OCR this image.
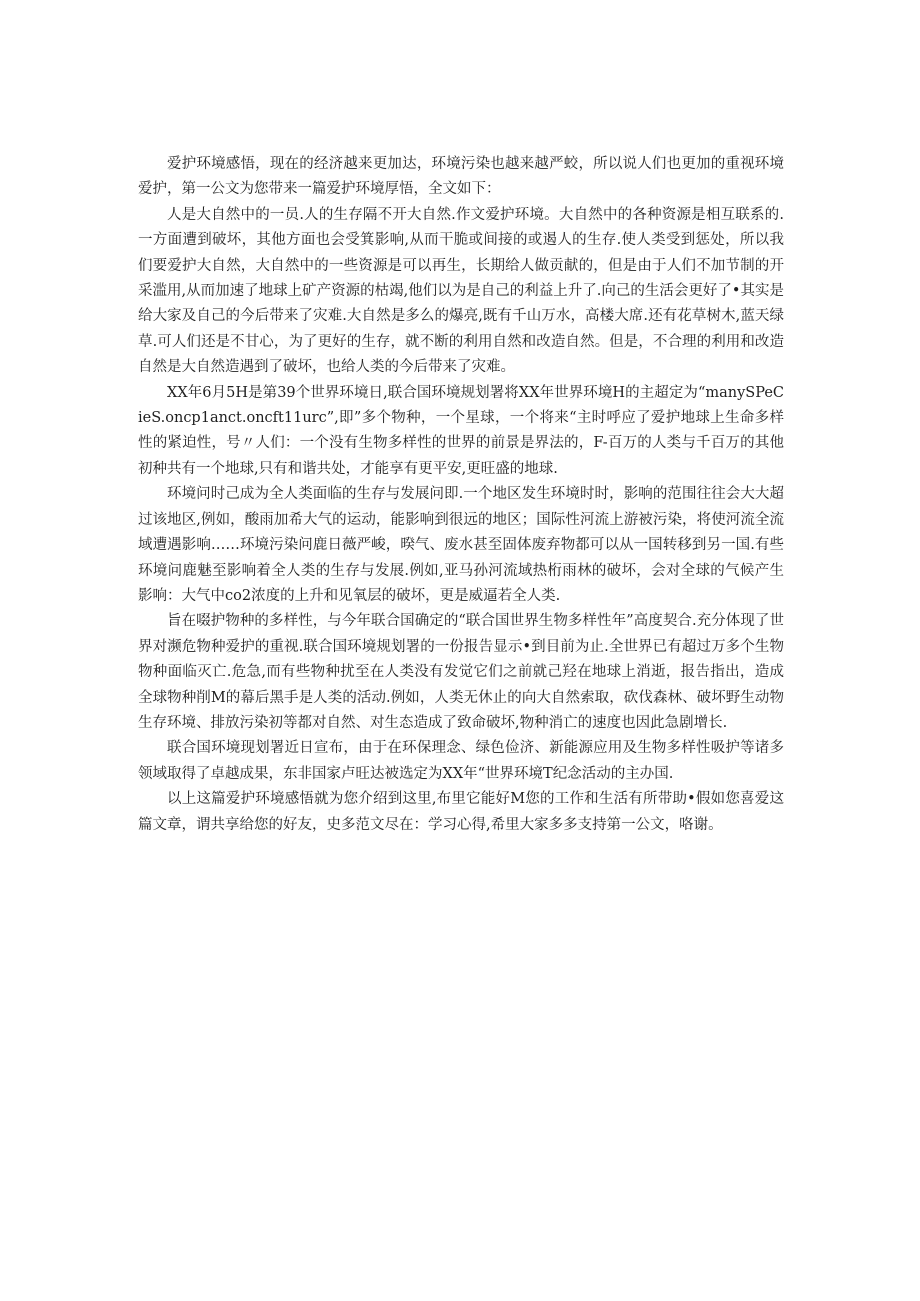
爱护环境感悟，现在的经济越来更加达，环境污染也越来越严蛟，所以说人们也更加的重视环境爱护，第一公文为您带来一篇爱护环境厚悟，全文如下：

人是大自然中的一员.人的生存隔不开大自然.作文爱护环境。大自然中的各种资源是相互联系的.一方面遭到破坏，其他方面也会受箕影响,从而干脆或间接的或遏人的生存.使人类受到惩处，所以我们要爱护大自然，大自然中的一些资源是可以再生，长期给人做贡献的，但是由于人们不加节制的开采滥用,从而加速了地球上矿产资源的枯竭,他们以为是自己的利益上升了.向己的生活会更好了•其实是给大家及自己的今后带来了灾难.大自然是多么的爆亮,既有千山万水，高楼大席.还有花草树木,蓝天绿草.可人们还是不甘心，为了更好的生存，就不断的利用自然和改造自然。但是，不合理的利用和改造自然是大自然造遇到了破坏，也给人类的今后带来了灾难。

XX年6月5H是第39个世界环境日,联合国环境规划署将XX年世界环境H的主超定为“manySPeCieS.oncp1anct.oncft11urc”,即”多个物种，一个星球，一个将来“主时呼应了爱护地球上生命多样性的紧迫性，号〃人们：一个没有生物多样性的世界的前景是界法的，F-百万的人类与千百万的其他初种共有一个地球,只有和谐共处，才能享有更平安,更旺盛的地球.

环境问时己成为全人类面临的生存与发展问即.一个地区发生环境时时，影响的范围往往会大大超过该地区,例如，酸雨加希大气的运动，能影响到很远的地区；国际性河流上游被污染，将使河流全流域遭遇影响……环境污染问鹿日薇严峻，暌气、废水甚至固体废弃物都可以从一国转移到另一国.有些环境问鹿魅至影响着全人类的生存与发展.例如,亚马孙河流域热桁雨林的破坏，会对全球的气候产生影响：大气中co2浓度的上升和见氧层的破坏，更是威逼若全人类.

旨在啜护物种的多样性，与今年联合国确定的“联合国世界生物多样性年”高度契合.充分体现了世界对濒危物种爱护的重视.联合国环境规划署的一份报告显示•到目前为止.全世界已有超过万多个生物物种面临灭亡.危急,而有些物种扰至在人类没有发觉它们之前就己羟在地球上消逝，报告指出，造成全球物种削M的幕后黑手是人类的活动.例如，人类无休止的向大自然索取，砍伐森林、破坏野生动物生存环境、排放污染初等都对自然、对生态造成了致命破坏,物种消亡的速度也因此急剧增长.

联合国环境现划署近日宣布，由于在环保理念、绿色俭济、新能源应用及生物多样性吸护等诸多领域取得了卓越成果，东非国家卢旺达被选定为XX年“世界环境T纪念活动的主办国.

以上这篇爱护环境感悟就为您介绍到这里,布里它能好M您的工作和生活有所带助•假如您喜爱这篇文章，谓共享给您的好友，史多范文尽在：学习心得,希里大家多多支持第一公文，咯谢。
